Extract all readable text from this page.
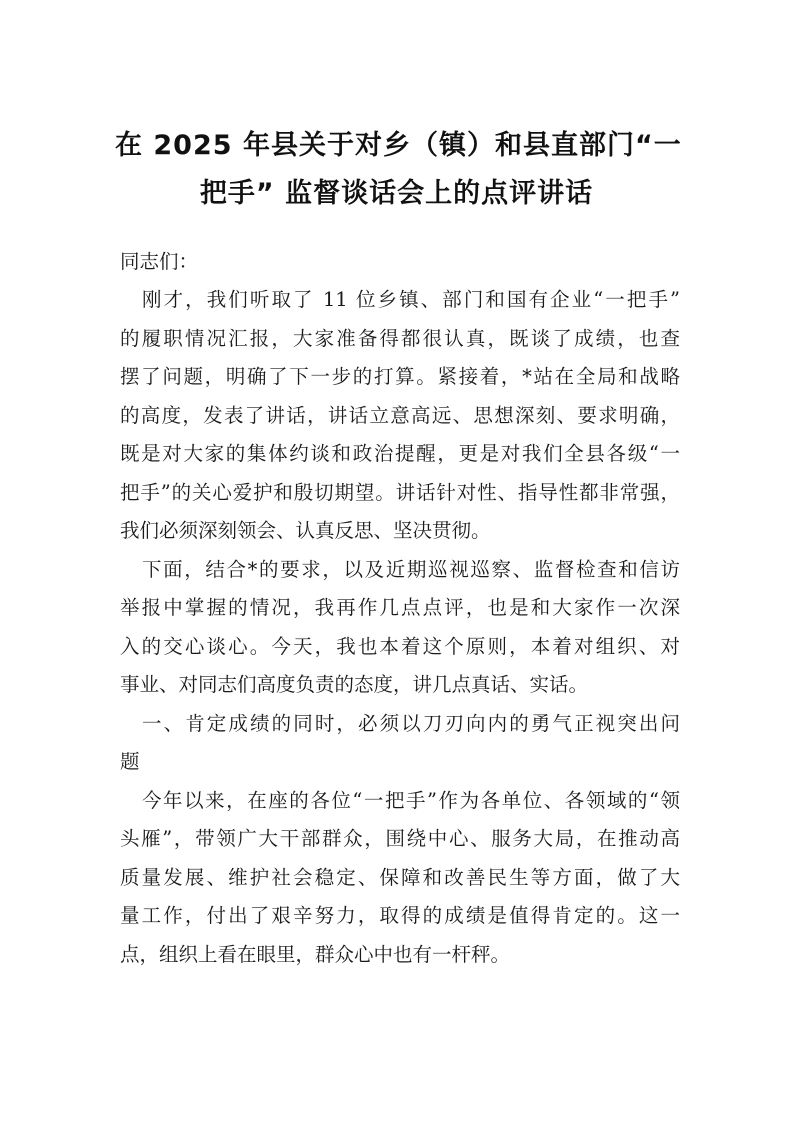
在 2025 年县关于对乡（镇）和县直部门“一
把手” 监督谈话会上的点评讲话

同志们：

刚才，我们听取了 11 位乡镇、部门和国有企业“一把手”
的履职情况汇报，大家准备得都很认真，既谈了成绩，也查
摆了问题，明确了下一步的打算。紧接着，*站在全局和战略
的高度，发表了讲话，讲话立意高远、思想深刻、要求明确，
既是对大家的集体约谈和政治提醒，更是对我们全县各级“一
把手”的关心爱护和殷切期望。讲话针对性、指导性都非常强，
我们必须深刻领会、认真反思、坚决贯彻。

下面，结合*的要求，以及近期巡视巡察、监督检查和信访
举报中掌握的情况，我再作几点点评，也是和大家作一次深
入的交心谈心。今天，我也本着这个原则，本着对组织、对
事业、对同志们高度负责的态度，讲几点真话、实话。

一、肯定成绩的同时，必须以刀刃向内的勇气正视突出问
题

今年以来，在座的各位“一把手”作为各单位、各领域的“领
头雁”，带领广大干部群众，围绕中心、服务大局，在推动高
质量发展、维护社会稳定、保障和改善民生等方面，做了大
量工作，付出了艰辛努力，取得的成绩是值得肯定的。这一
点，组织上看在眼里，群众心中也有一杆秤。
